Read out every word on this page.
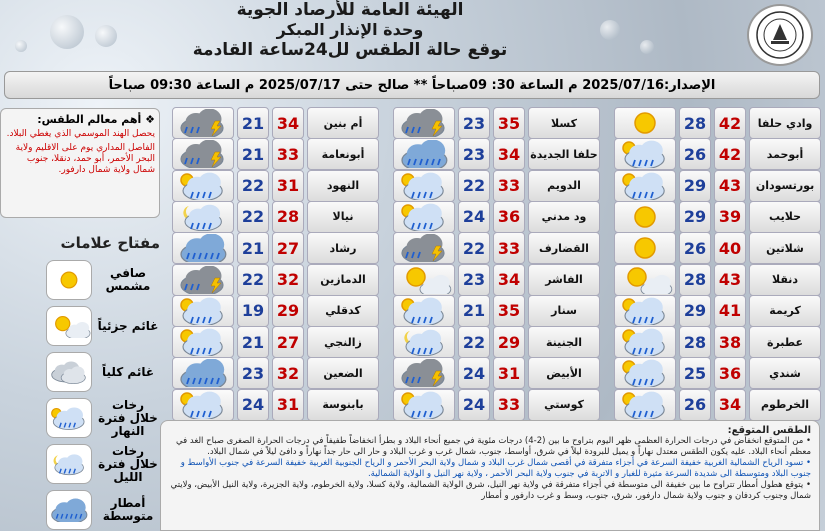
الهيئة العامة للأرصاد الجوية
وحدة الإنذار المبكر
توقع حالة الطقس لل24ساعة القادمة
الإصدار:2025/07/16 م الساعة 30: 09صباحاً ** صالح حتى 2025/07/17 م الساعة 09:30 صباحاً
وادي حلفا
42
28
أبوحمد
42
26
بورتسودان
43
29
حلايب
39
29
شلاتين
40
26
دنقلا
43
28
كريمة
41
29
عطبرة
38
28
شندي
36
25
الخرطوم
34
26
كسلا
35
23
حلفا الجديدة
34
23
الدويم
33
22
ود مدني
36
24
القضارف
33
22
الفاشر
34
23
سنار
35
21
الجنينة
29
22
الأبيض
31
24
كوستي
33
24
أم بنين
34
21
أبونعامة
33
21
النهود
31
22
نيالا
28
22
رشاد
27
21
الدمازين
32
22
كدقلي
29
19
زالنجي
27
21
الضعين
32
23
بابنوسة
31
24
❖ أهم معالم الطقس:

يحصل الهند الموسمي الذي يغطي البلاد.

الفاصل المداري يوم على الاقليم ولاية البحر الأحمر، أبو حمد، دنقلا، جنوب شمال ولاية شمال دارفور.

مفتاح علامات
صافي مشمس
غائم جزئياً
غائم كلياً
رخات خلال فترة النهار
رخات خلال فترة الليل
أمطار متوسطة
الطقس المتوقع:
• من المتوقع انخفاض في درجات الحرارة العظمى ظهر اليوم بتراوح ما بين (2-4) درجات مئوية في جميع أنحاء البلاد و بطرأ انخفاضاً طفيفاً في درجات الحرارة الصغرى صباح الغد في معظم أنحاء البلاد. عليه يكون الطقس معتدل نهاراً و يميل للبرودة ليلاً في شرق، أواسط، جنوب، شمال غرب و غرب البلاد و حار الى حار جداً نهاراً و دافئ ليلاً في شمال البلاد.
• تسود الرياح الشمالية الغربية خفيفة السرعة في أجزاء متفرقة في أقصى شمال غرب البلاد و شمال ولاية البحر الأحمر و الرياح الجنوبية الغربية خفيفة السرعة في جنوب الأواسط و جنوب البلاد ومتوسطة الى شديدة السرعة مثيرة للغبار و الاتربة في جنوب ولاية البحر الأحمر ، ولاية نهر النيل و الولاية الشمالية.
• يتوقع هطول أمطار تتراوح ما بين خفيفة الى متوسطة في أجزاء متفرقة في ولاية نهر النيل، شرق الولاية الشمالية، ولاية كسلا، ولاية الخرطوم، ولاية الجزيرة، ولاية النيل الأبيض، ولايتي شمال وجنوب كردفان و جنوب ولاية شمال دارفور، شرق، جنوب، وسط و غرب دارفور و أمطار
